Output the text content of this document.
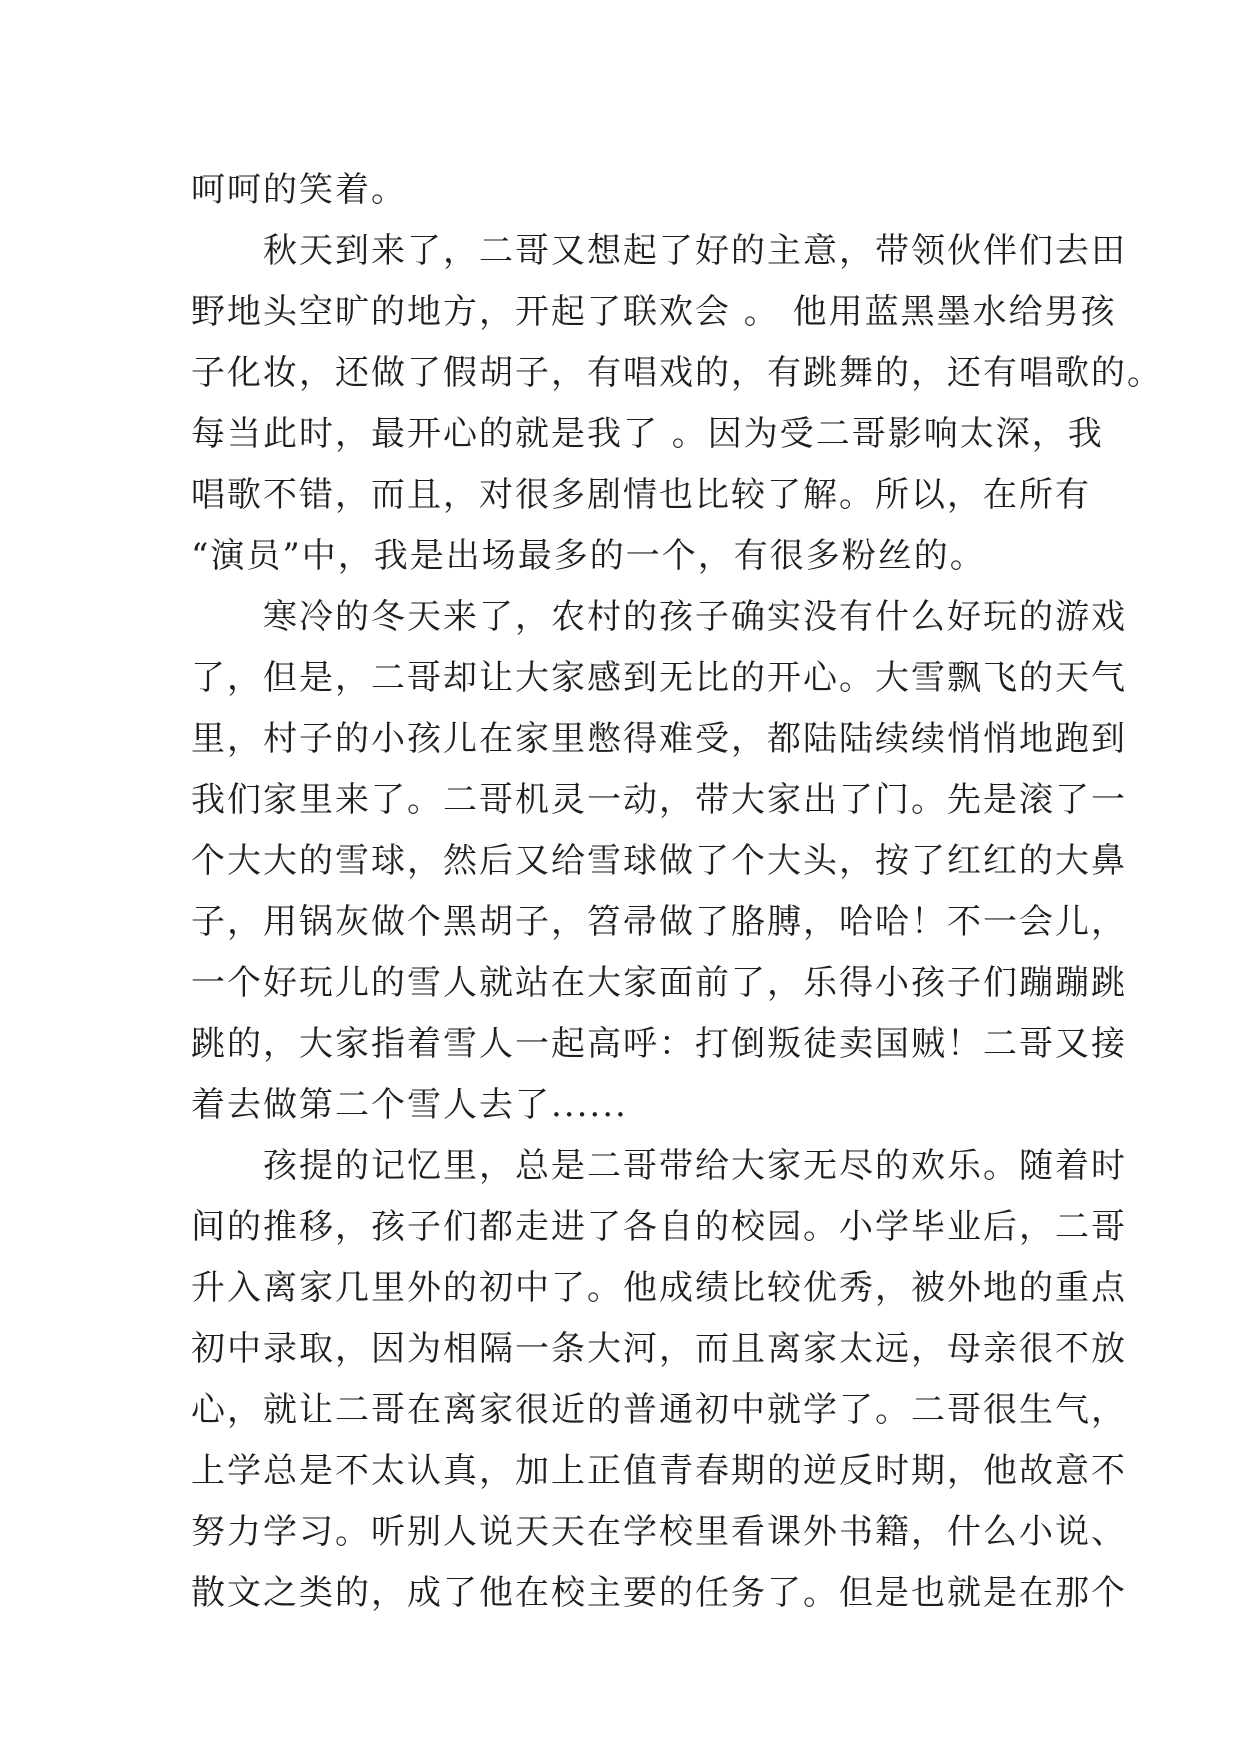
呵呵的笑着。
　　秋天到来了，二哥又想起了好的主意，带领伙伴们去田
野地头空旷的地方，开起了联欢会 。 他用蓝黑墨水给男孩
子化妆，还做了假胡子，有唱戏的，有跳舞的，还有唱歌的。
每当此时，最开心的就是我了 。因为受二哥影响太深，我
唱歌不错，而且，对很多剧情也比较了解。所以，在所有
“演员”中，我是出场最多的一个，有很多粉丝的。
　　寒冷的冬天来了，农村的孩子确实没有什么好玩的游戏
了，但是，二哥却让大家感到无比的开心。大雪飘飞的天气
里，村子的小孩儿在家里憋得难受，都陆陆续续悄悄地跑到
我们家里来了。二哥机灵一动，带大家出了门。先是滚了一
个大大的雪球，然后又给雪球做了个大头，按了红红的大鼻
子，用锅灰做个黑胡子，笤帚做了胳膊，哈哈！不一会儿，
一个好玩儿的雪人就站在大家面前了，乐得小孩子们蹦蹦跳
跳的，大家指着雪人一起高呼：打倒叛徒卖国贼！二哥又接
着去做第二个雪人去了......
　　孩提的记忆里，总是二哥带给大家无尽的欢乐。随着时
间的推移，孩子们都走进了各自的校园。小学毕业后，二哥
升入离家几里外的初中了。他成绩比较优秀，被外地的重点
初中录取，因为相隔一条大河，而且离家太远，母亲很不放
心，就让二哥在离家很近的普通初中就学了。二哥很生气，
上学总是不太认真，加上正值青春期的逆反时期，他故意不
努力学习。听别人说天天在学校里看课外书籍，什么小说、
散文之类的，成了他在校主要的任务了。但是也就是在那个
